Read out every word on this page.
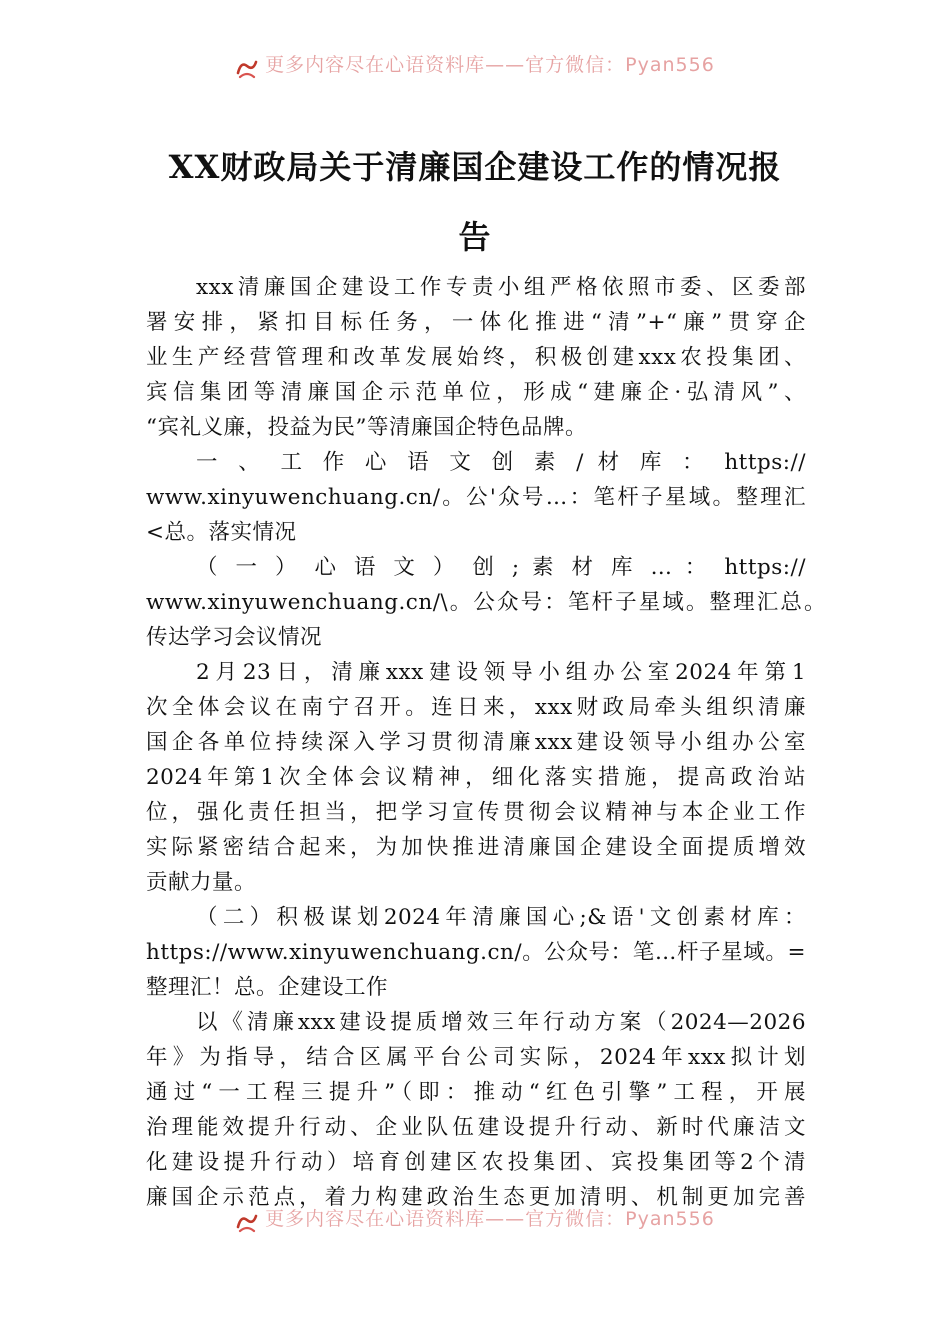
更多内容尽在心语资料库——官方微信：Pyan556
XX财政局关于清廉国企建设工作的情况报
告
xxx清廉国企建设工作专责小组严格依照市委、区委部
署安排，紧扣目标任务，一体化推进“清”+“廉”贯穿企
业生产经营管理和改革发展始终，积极创建xxx农投集团、
宾信集团等清廉国企示范单位，形成“建廉企·弘清风”、
“宾礼义廉，投益为民”等清廉国企特色品牌。
一 、 工 作 心 语 文 创 素 / 材 库 ： https://
www.xinyuwenchuang.cn/。公'众号…：笔杆子星域。整理汇
<总。落实情况
（ 一 ） 心 语 文 ） 创 ; 素 材 库 … ： https://
www.xinyuwenchuang.cn/\。公众号：笔杆子星域。整理汇总。
传达学习会议情况
2月23日，清廉xxx建设领导小组办公室2024年第1
次全体会议在南宁召开。连日来，xxx财政局牵头组织清廉
国企各单位持续深入学习贯彻清廉xxx建设领导小组办公室
2024年第1次全体会议精神，细化落实措施，提高政治站
位，强化责任担当，把学习宣传贯彻会议精神与本企业工作
实际紧密结合起来，为加快推进清廉国企建设全面提质增效
贡献力量。
（二）积极谋划2024年清廉国心;&语'文创素材库：
https://www.xinyuwenchuang.cn/。公众号：笔…杆子星域。=
整理汇！总。企建设工作
以《清廉xxx建设提质增效三年行动方案（2024—2026
年》为指导，结合区属平台公司实际，2024年xxx拟计划
通过“一工程三提升”（即：推动“红色引擎”工程，开展
治理能效提升行动、企业队伍建设提升行动、新时代廉洁文
化建设提升行动）培育创建区农投集团、宾投集团等2个清
廉国企示范点，着力构建政治生态更加清明、机制更加完善
更多内容尽在心语资料库——官方微信：Pyan556
